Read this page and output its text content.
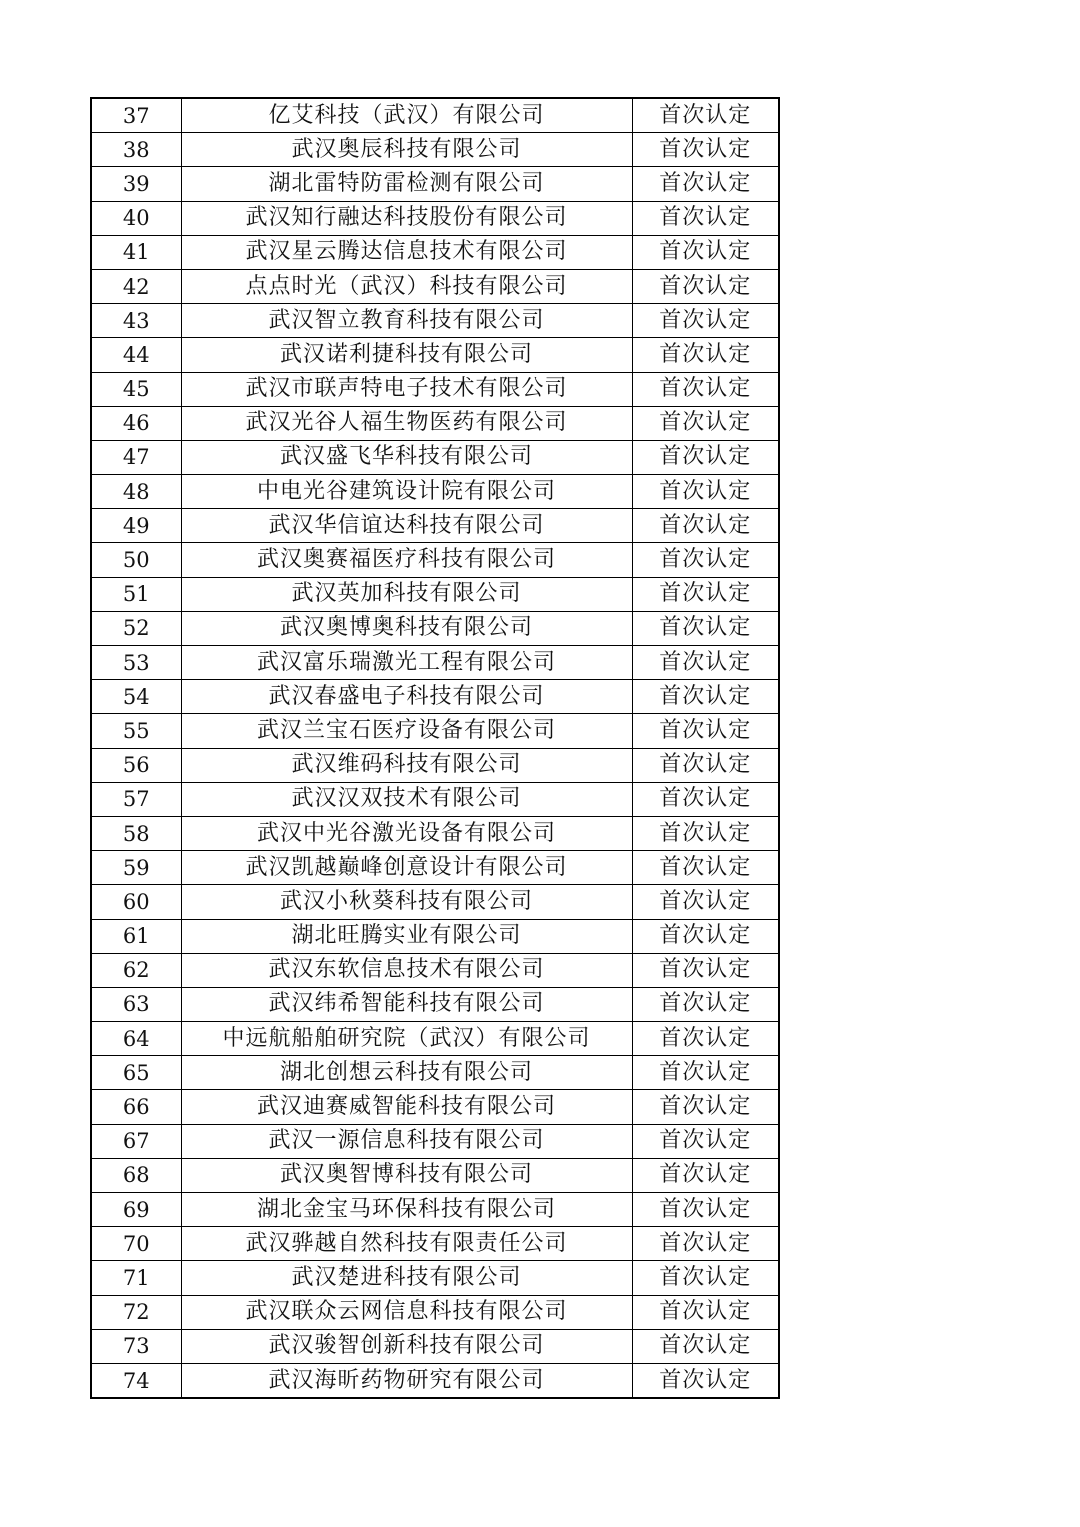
37	亿艾科技（武汉）有限公司	首次认定
38	武汉奥辰科技有限公司	首次认定
39	湖北雷特防雷检测有限公司	首次认定
40	武汉知行融达科技股份有限公司	首次认定
41	武汉星云腾达信息技术有限公司	首次认定
42	点点时光（武汉）科技有限公司	首次认定
43	武汉智立教育科技有限公司	首次认定
44	武汉诺利捷科技有限公司	首次认定
45	武汉市联声特电子技术有限公司	首次认定
46	武汉光谷人福生物医药有限公司	首次认定
47	武汉盛飞华科技有限公司	首次认定
48	中电光谷建筑设计院有限公司	首次认定
49	武汉华信谊达科技有限公司	首次认定
50	武汉奥赛福医疗科技有限公司	首次认定
51	武汉英加科技有限公司	首次认定
52	武汉奥博奥科技有限公司	首次认定
53	武汉富乐瑞激光工程有限公司	首次认定
54	武汉春盛电子科技有限公司	首次认定
55	武汉兰宝石医疗设备有限公司	首次认定
56	武汉维码科技有限公司	首次认定
57	武汉汉双技术有限公司	首次认定
58	武汉中光谷激光设备有限公司	首次认定
59	武汉凯越巅峰创意设计有限公司	首次认定
60	武汉小秋葵科技有限公司	首次认定
61	湖北旺腾实业有限公司	首次认定
62	武汉东软信息技术有限公司	首次认定
63	武汉纬希智能科技有限公司	首次认定
64	中远航船舶研究院（武汉）有限公司	首次认定
65	湖北创想云科技有限公司	首次认定
66	武汉迪赛威智能科技有限公司	首次认定
67	武汉一源信息科技有限公司	首次认定
68	武汉奥智博科技有限公司	首次认定
69	湖北金宝马环保科技有限公司	首次认定
70	武汉骅越自然科技有限责任公司	首次认定
71	武汉楚进科技有限公司	首次认定
72	武汉联众云网信息科技有限公司	首次认定
73	武汉骏智创新科技有限公司	首次认定
74	武汉海昕药物研究有限公司	首次认定
